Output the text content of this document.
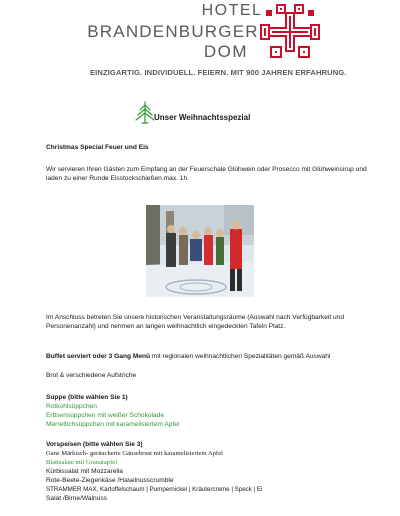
HOTEL
BRANDENBURGER
DOM
EINZIGARTIG. INDIVIDUELL. FEIERN. MIT 900 JAHREN ERFAHRUNG.
Unser Weihnachtsspezial
Christmas Special Feuer und Eis
Wir servieren Ihren Gästen zum Empfang an der Feuerschale Glühwein oder Prosecco mit Glühweinsirup und laden zu einer Runde Eisstockschießen.max. 1h.
Im Anschluss betreten Sie unsere historischen Veranstaltungsräume (Auswahl nach Verfügbarkeit und Personenanzahl) und nehmen an langen weihnachtlich eingedeckten Tafeln Platz.
Buffet serviert oder 3 Gang Menü mit regionalen weihnachtlichen Spezialitäten gemäß Auswahl
Brot & verschiedene Aufstriche
Suppe (bitte wählen Sie 1)
Rotkohlsüppchen
Erbsensüppchen mit weißer Schokolade
Merrettichsüppchen mit karamelisiertem Apfel
Vorspeisen (bitte wählen Sie 3)
Gans Märkisch- geräucherte Gänsebrust mit karamelisiertem Apfel
Blattsalate mit Granatapfel
Kürbissalat mit Mozzarella
Rote-Beete-Ziegenkäse /Haselnusscrumble
STRAMMER MAX, Kartoffelschaum | Pumpernickel | Kräutercreme | Speck | Ei
Salat /Birne/Walnuss
